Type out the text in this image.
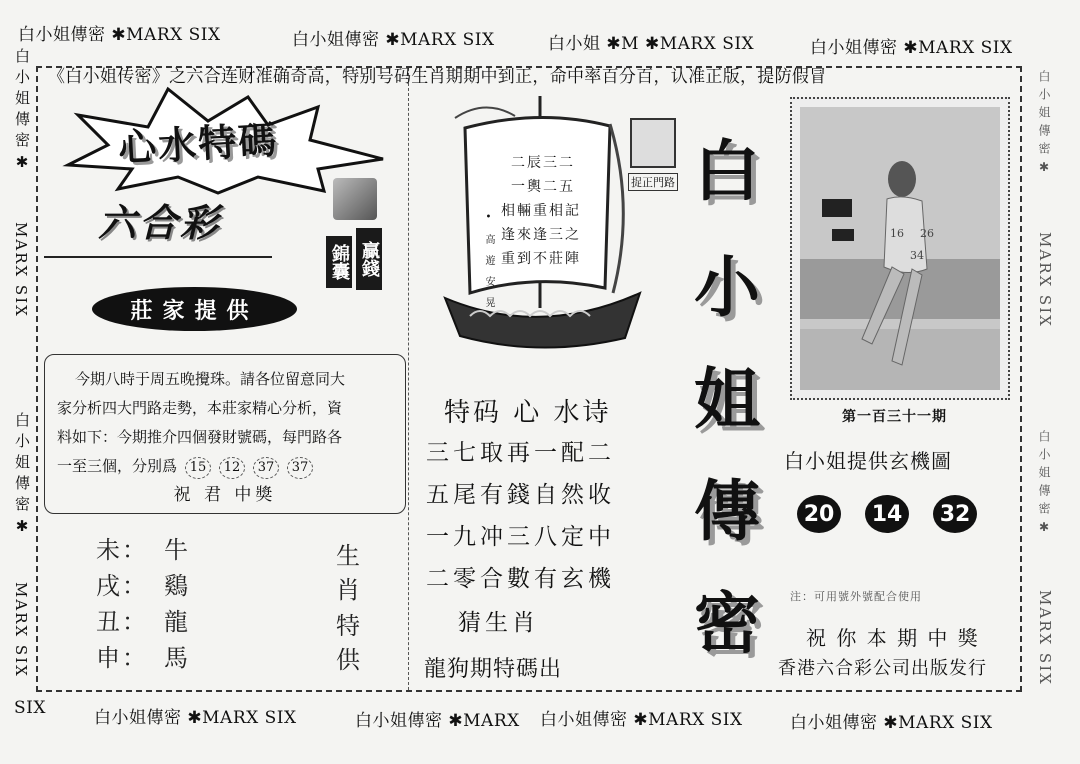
白小姐傳密 ✱MARX SIX	白小姐傳密 ✱MARX SIX	白小姐 ✱M ✱MARX SIX	白小姐傳密 ✱MARX SIX
白小姐傳密✱
MARX SIX
白小姐傳密✱
MARX SIX
白小姐傳密✱
MARX SIX
白小姐傳密✱
MARX SIX
《白小姐传密》之六合连财准确奇高，特别号码生肖期期中到正，命中率百分百，认准正版，提防假冒
心水特碼
六合彩
錦囊 贏錢
莊家提供
今期八時于周五晚攪珠。請各位留意同大
家分析四大門路走勢，本莊家精心分析，資
料如下：今期推介四個發財號碼，每門路各
一至三個，分別爲 15 12 37 37
祝 君 中獎
未： 牛
戌： 鷄
丑： 龍
申： 馬
生
肖
特
供
二辰三二
一輿二五
相輛重相記
逢來逢三之
重到不莊陣
• 高 遊 安 晃
捉正門路
特码 心 水诗
三七取再一配二
五尾有錢自然收
一九冲三八定中
二零合數有玄機
猜生肖
龍狗期特碼出
白
小
姐
傳
密
16 26
34
第一百三十一期
白小姐提供玄機圖
20	14	32
注：可用號外號配合使用
祝 你 本 期 中 獎
香港六合彩公司出版发行
SIX	白小姐傳密 ✱MARX SIX	白小姐傳密 ✱MARX 白小姐傳密 ✱MARX SIX	白小姐傳密 ✱MARX SIX
